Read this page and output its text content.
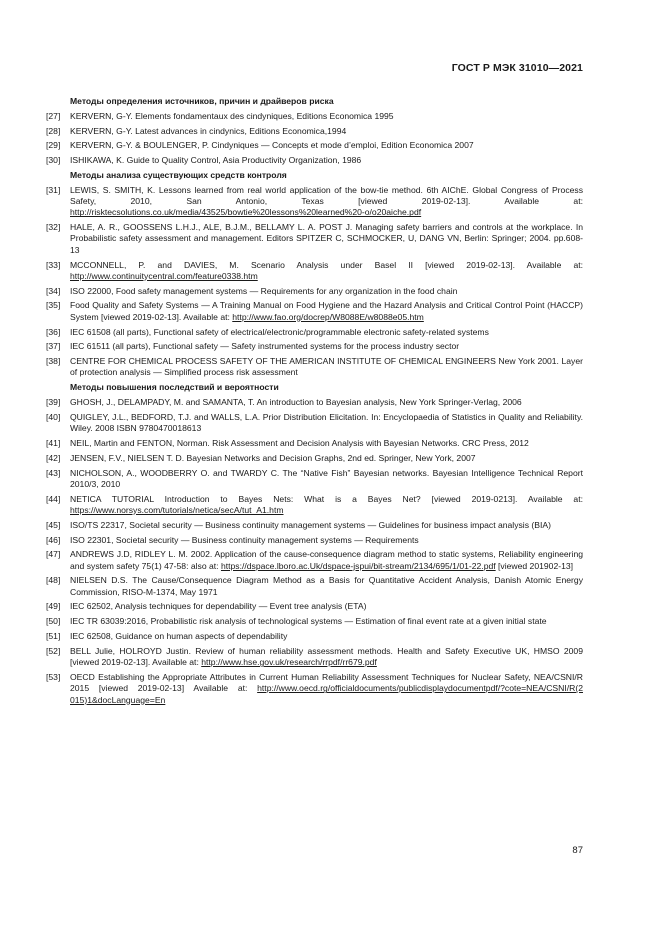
ГОСТ Р МЭК 31010—2021
Методы определения источников, причин и драйверов риска
[27]	KERVERN, G-Y. Elements fondamentaux des cindyniques, Editions Economica 1995
[28]	KERVERN, G-Y. Latest advances in cindynics, Editions Economica,1994
[29]	KERVERN, G-Y. & BOULENGER, P. Cindyniques — Concepts et mode d’emploi, Edition Economica 2007
[30]	ISHIKAWA, K. Guide to Quality Control, Asia Productivity Organization, 1986
Методы анализа существующих средств контроля
[31]	LEWIS, S. SMITH, K. Lessons learned from real world application of the bow-tie method. 6th AIChE. Global Congress of Process Safety, 2010, San Antonio, Texas [viewed 2019-02-13]. Available at: http://risktecsolutions.co.uk/media/43525/bowtie%20lessons%20learned%20-o/o20aiche.pdf
[32]	HALE, A. R., GOOSSENS L.H.J., ALE, B.J.M., BELLAMY L. A. POST J. Managing safety barriers and controls at the workplace. In Probabilistic safety assessment and management. Editors SPITZER C, SCHMOCKER, U, DANG VN, Berlin: Springer; 2004. pp.608-13
[33]	MCCONNELL, P. and DAVIES, M. Scenario Analysis under Basel II [viewed 2019-02-13]. Available at: http://www.continuitycentral.com/feature0338.htm
[34]	ISO 22000, Food safety management systems — Requirements for any organization in the food chain
[35]	Food Quality and Safety Systems — A Training Manual on Food Hygiene and the Hazard Analysis and Critical Control Point (HACCP) System [viewed 2019-02-13]. Available at: http://www.fao.org/docrep/W8088E/w8088e05.htm
[36]	IEC 61508 (all parts), Functional safety of electrical/electronic/programmable electronic safety-related systems
[37]	IEC 61511 (all parts), Functional safety — Safety instrumented systems for the process industry sector
[38]	CENTRE FOR CHEMICAL PROCESS SAFETY OF THE AMERICAN INSTITUTE OF CHEMICAL ENGINEERS New York 2001. Layer of protection analysis — Simplified process risk assessment
Методы повышения последствий и вероятности
[39]	GHOSH, J., DELAMPADY, M. and SAMANTA, T. An introduction to Bayesian analysis, New York Springer-Verlag, 2006
[40]	QUIGLEY, J.L., BEDFORD, T.J. and WALLS, L.A. Prior Distribution Elicitation. In: Encyclopaedia of Statistics in Quality and Reliability. Wiley. 2008 ISBN 9780470018613
[41]	NEIL, Martin and FENTON, Norman. Risk Assessment and Decision Analysis with Bayesian Networks. CRC Press, 2012
[42]	JENSEN, F.V., NIELSEN T. D. Bayesian Networks and Decision Graphs, 2nd ed. Springer, New York, 2007
[43]	NICHOLSON, A., WOODBERRY O. and TWARDY C. The “Native Fish” Bayesian networks. Bayesian Intelligence Technical Report 2010/3, 2010
[44]	NETICA TUTORIAL Introduction to Bayes Nets: What is a Bayes Net? [viewed 2019-0213]. Available at: https://www.norsys.com/tutorials/netica/secA/tut_A1.htm
[45]	ISO/TS 22317, Societal security — Business continuity management systems — Guidelines for business impact analysis (BIA)
[46]	ISO 22301, Societal security — Business continuity management systems — Requirements
[47]	ANDREWS J.D, RIDLEY L. M. 2002. Application of the cause-consequence diagram method to static systems, Reliability engineering and system safety 75(1) 47-58: also at: https://dspace.lboro.ac.Uk/dspace-jspui/bit-stream/2134/695/1/01-22.pdf [viewed 201902-13]
[48]	NIELSEN D.S. The Cause/Consequence Diagram Method as a Basis for Quantitative Accident Analysis, Danish Atomic Energy Commission, RISO-M-1374, May 1971
[49]	IEC 62502, Analysis techniques for dependability — Event tree analysis (ETA)
[50]	IEC TR 63039:2016, Probabilistic risk analysis of technological systems — Estimation of final event rate at a given initial state
[51]	IEC 62508, Guidance on human aspects of dependability
[52]	BELL Julie, HOLROYD Justin. Review of human reliability assessment methods. Health and Safety Executive UK, HMSO 2009 [viewed 2019-02-13]. Available at: http://www.hse.gov.uk/research/rrpdf/rr679.pdf
[53]	OECD Establishing the Appropriate Attributes in Current Human Reliability Assessment Techniques for Nuclear Safety, NEA/CSNI/R 2015 [viewed 2019-02-13] Available at: http://www.oecd.rg/officialdocuments/publicdisplaydocumentpdf/?cote=NEA/CSNI/R(2 015)1&docLanguage=En
87
